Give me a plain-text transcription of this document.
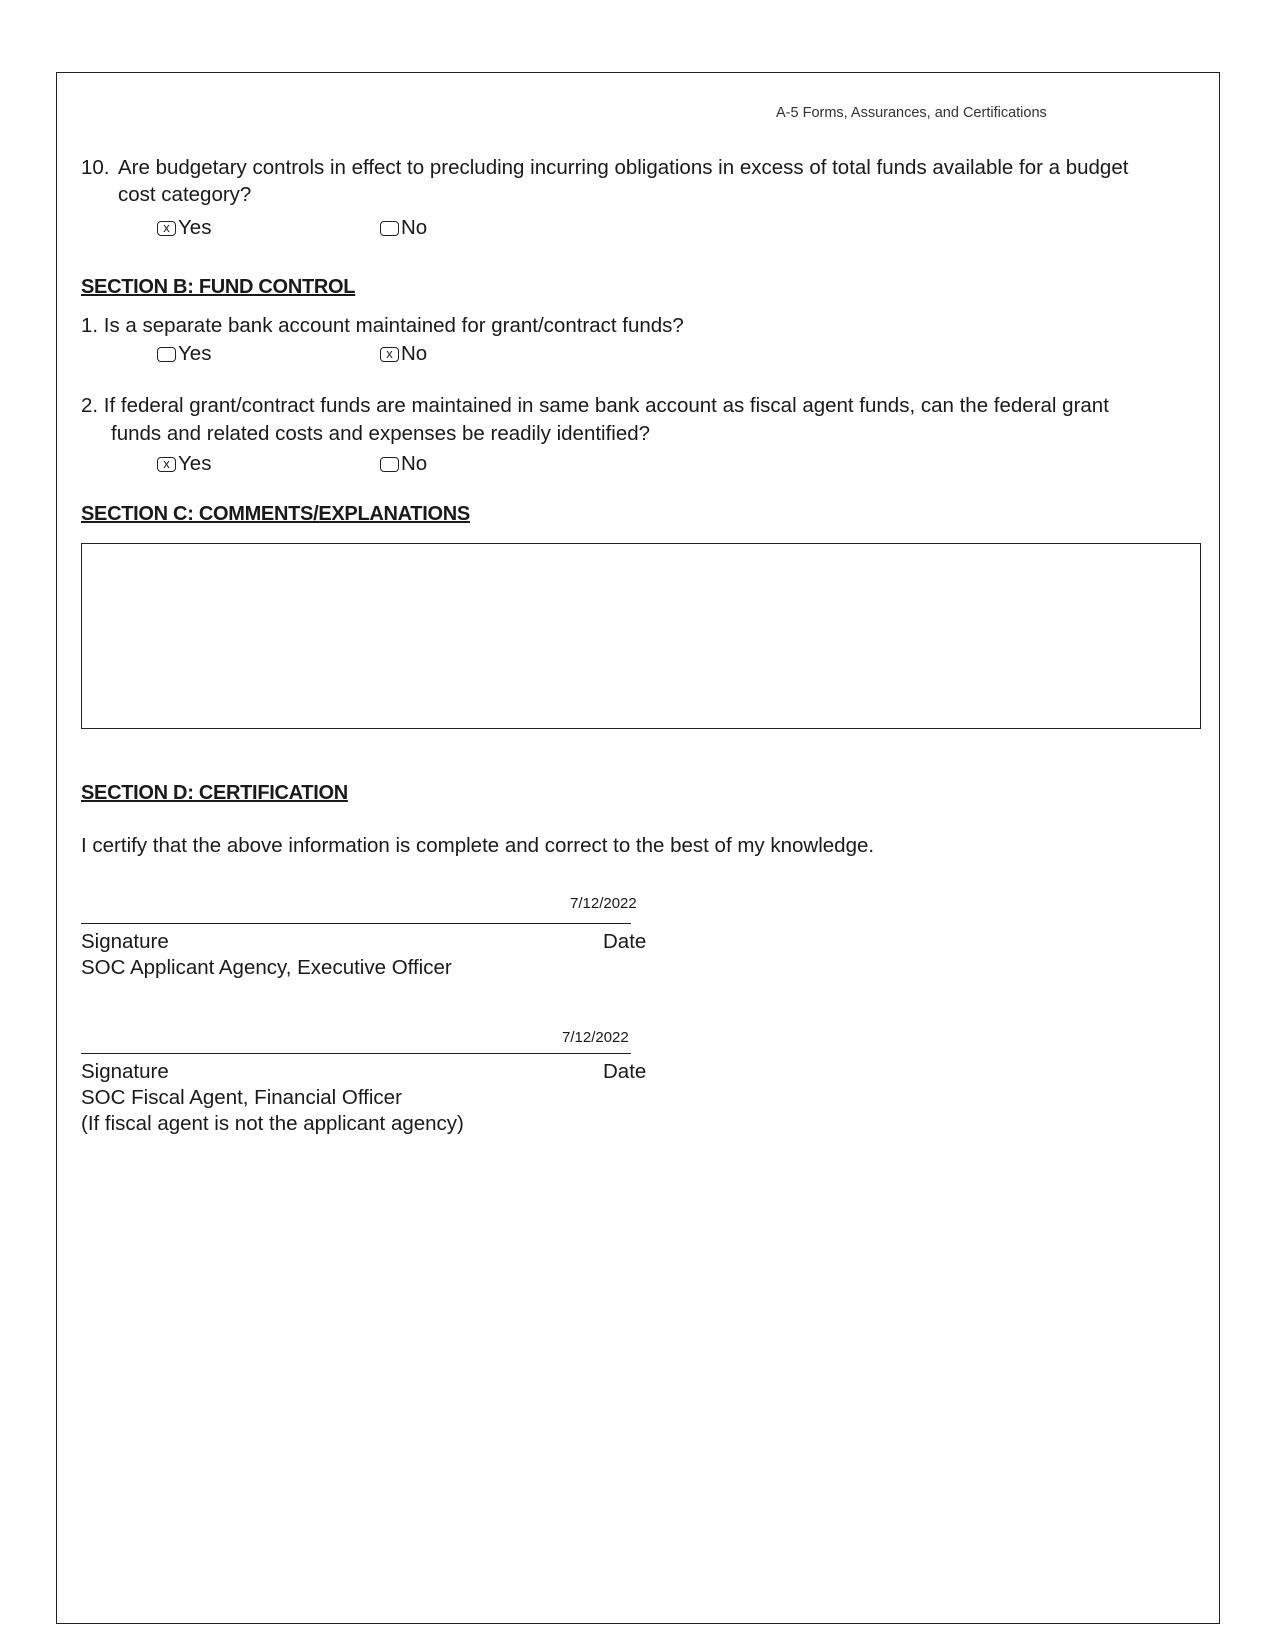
A-5 Forms, Assurances, and Certifications
10. Are budgetary controls in effect to precluding incurring obligations in excess of total funds available for a budget
cost category?
x Yes	No
SECTION B: FUND CONTROL
1. Is a separate bank account maintained for grant/contract funds?
Yes	x No
2. If federal grant/contract funds are maintained in same bank account as fiscal agent funds, can the federal grant
funds and related costs and expenses be readily identified?
x Yes	No
SECTION C: COMMENTS/EXPLANATIONS
SECTION D: CERTIFICATION
I certify that the above information is complete and correct to the best of my knowledge.
7/12/2022
Signature	Date
SOC Applicant Agency, Executive Officer
7/12/2022
Signature	Date
SOC Fiscal Agent, Financial Officer
(If fiscal agent is not the applicant agency)
